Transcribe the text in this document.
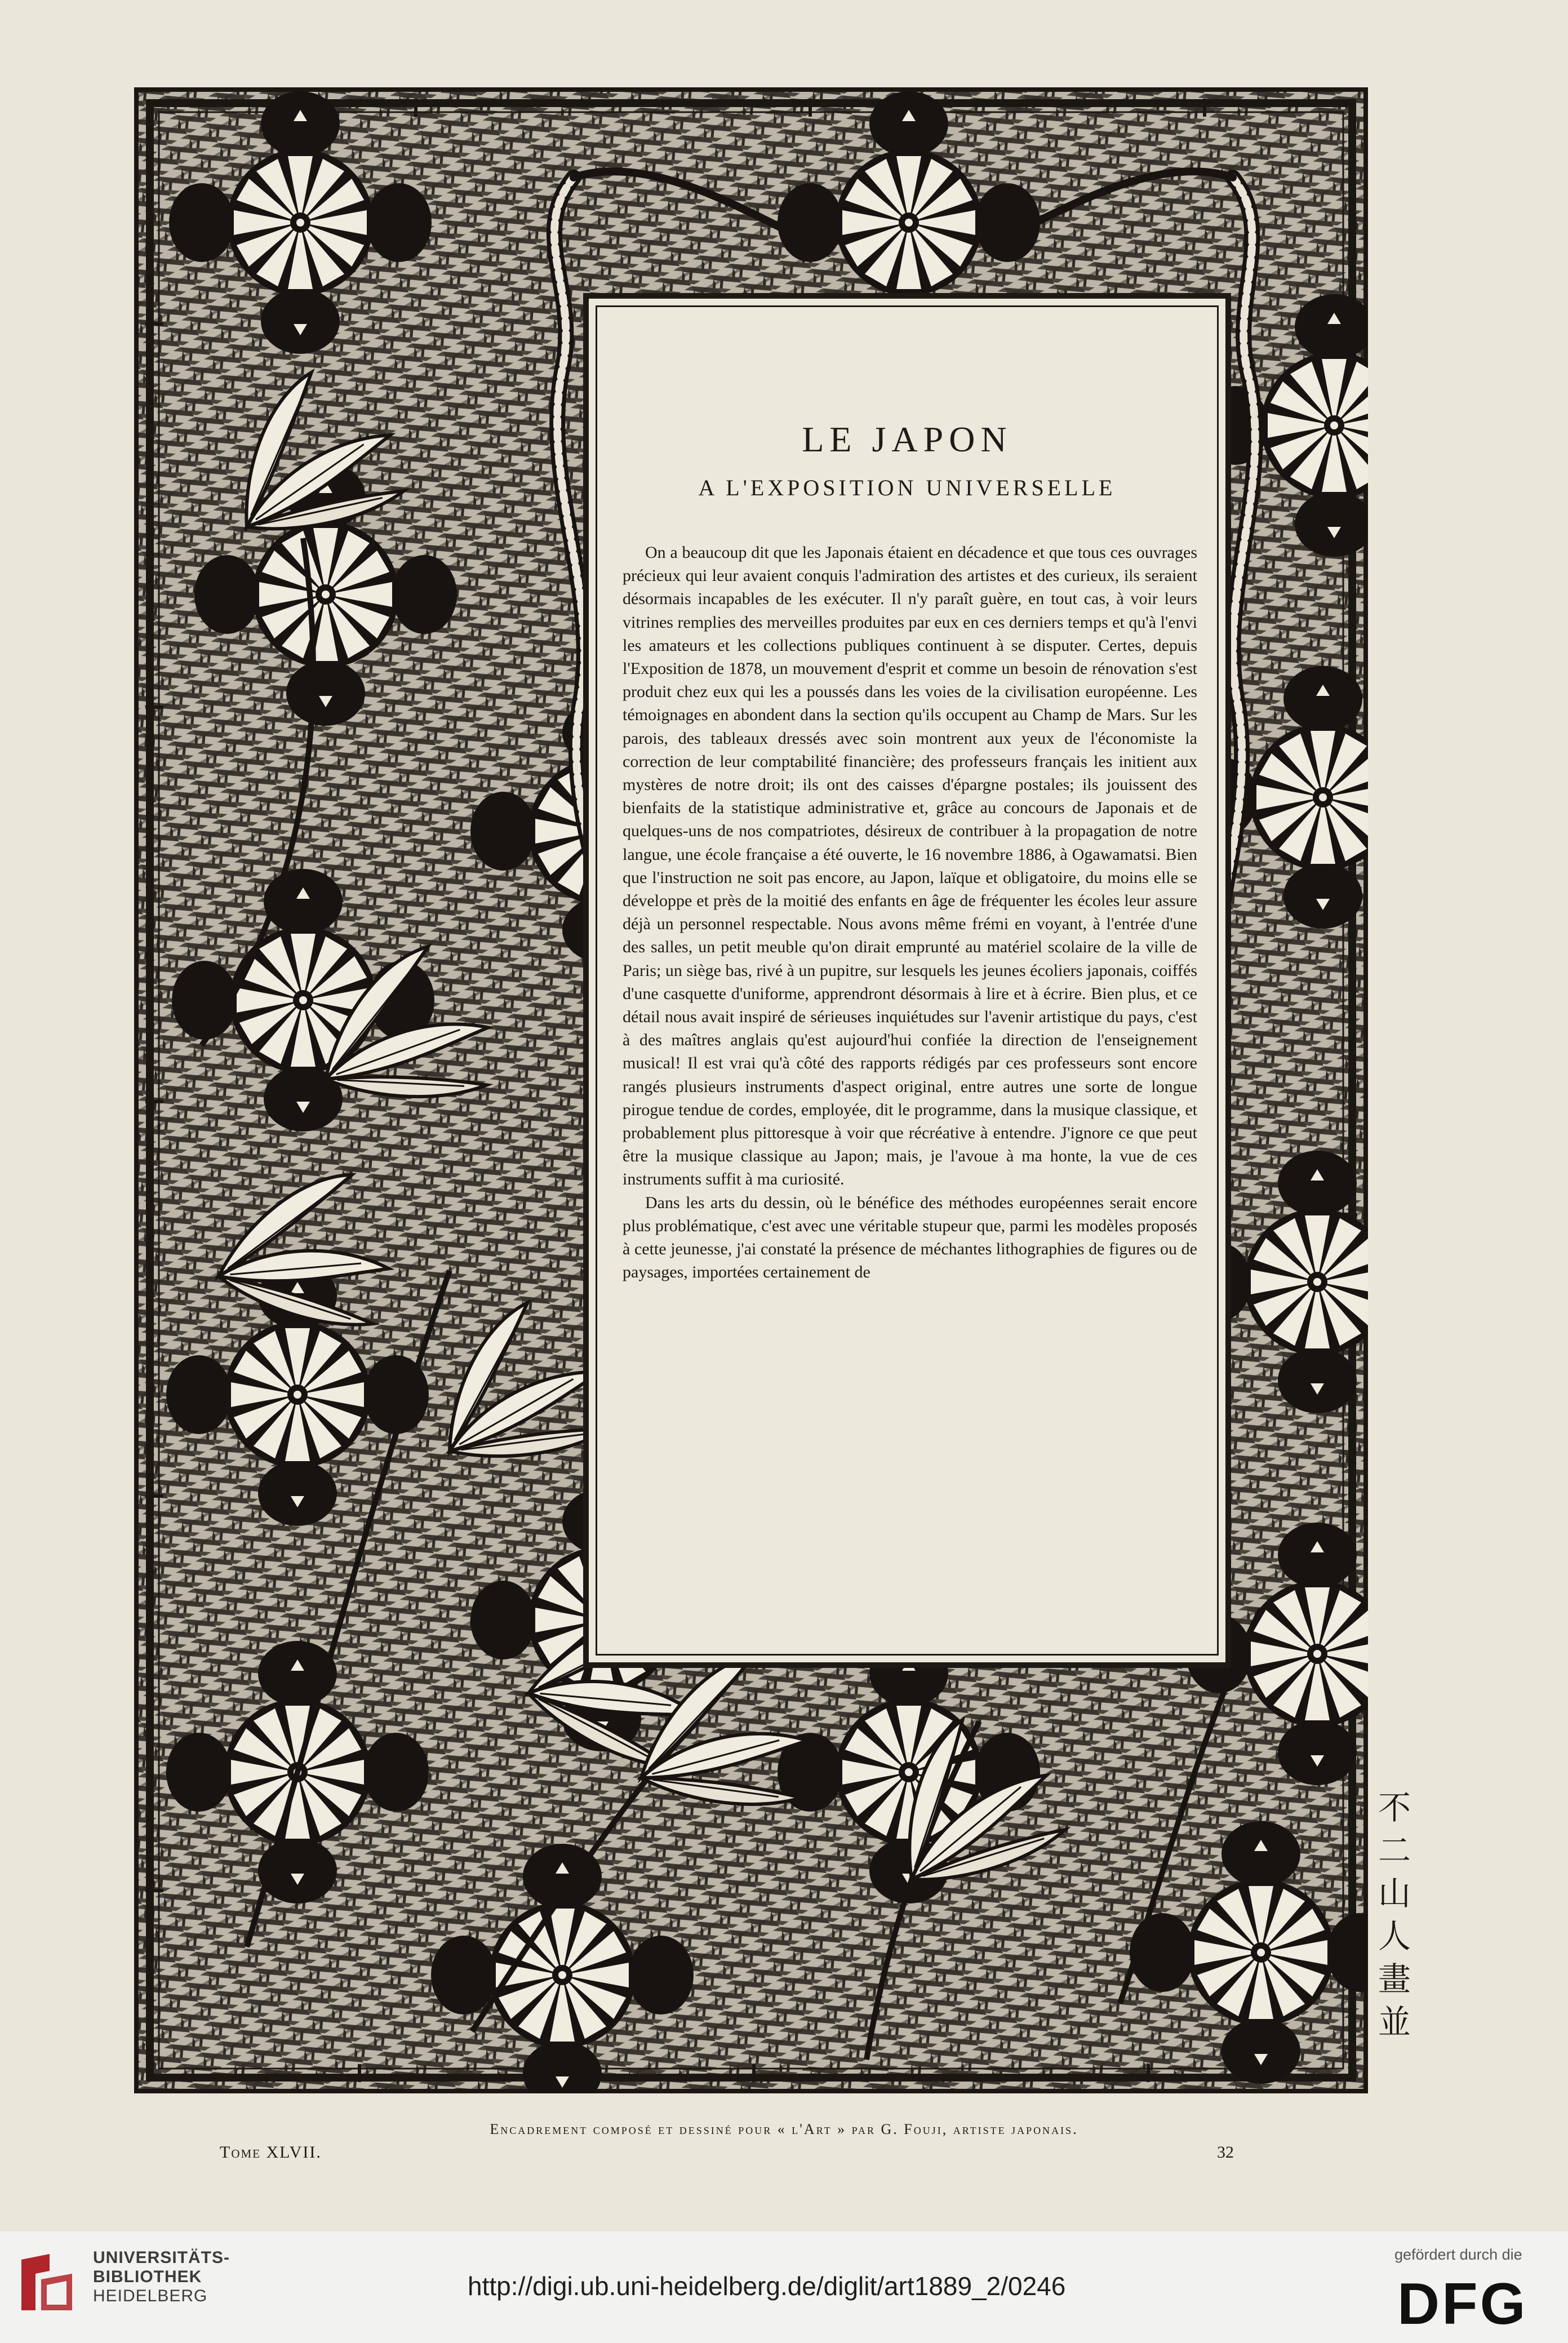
LE JAPON
A L'EXPOSITION UNIVERSELLE

On a beaucoup dit que les Japonais étaient en décadence et que tous ces ouvrages précieux qui leur avaient conquis l'admiration des artistes et des curieux, ils seraient désormais incapables de les exécuter. Il n'y paraît guère, en tout cas, à voir leurs vitrines remplies des merveilles produites par eux en ces derniers temps et qu'à l'envi les amateurs et les collections publiques continuent à se disputer. Certes, depuis l'Exposition de 1878, un mouvement d'esprit et comme un besoin de rénovation s'est produit chez eux qui les a poussés dans les voies de la civilisation européenne. Les témoignages en abondent dans la section qu'ils occupent au Champ de Mars. Sur les parois, des tableaux dressés avec soin montrent aux yeux de l'économiste la correction de leur comptabilité financière; des professeurs français les initient aux mystères de notre droit; ils ont des caisses d'épargne postales; ils jouissent des bienfaits de la statistique administrative et, grâce au concours de Japonais et de quelques-uns de nos compatriotes, désireux de contribuer à la propagation de notre langue, une école française a été ouverte, le 16 novembre 1886, à Ogawamatsi. Bien que l'instruction ne soit pas encore, au Japon, laïque et obligatoire, du moins elle se développe et près de la moitié des enfants en âge de fréquenter les écoles leur assure déjà un personnel respectable. Nous avons même frémi en voyant, à l'entrée d'une des salles, un petit meuble qu'on dirait emprunté au matériel scolaire de la ville de Paris; un siège bas, rivé à un pupitre, sur lesquels les jeunes écoliers japonais, coiffés d'une casquette d'uniforme, apprendront désormais à lire et à écrire. Bien plus, et ce détail nous avait inspiré de sérieuses inquiétudes sur l'avenir artistique du pays, c'est à des maîtres anglais qu'est aujourd'hui confiée la direction de l'enseignement musical! Il est vrai qu'à côté des rapports rédigés par ces professeurs sont encore rangés plusieurs instruments d'aspect original, entre autres une sorte de longue pirogue tendue de cordes, employée, dit le programme, dans la musique classique, et probablement plus pittoresque à voir que récréative à entendre. J'ignore ce que peut être la musique classique au Japon; mais, je l'avoue à ma honte, la vue de ces instruments suffit à ma curiosité.

Dans les arts du dessin, où le bénéfice des méthodes européennes serait encore plus problématique, c'est avec une véritable stupeur que, parmi les modèles proposés à cette jeunesse, j'ai constaté la présence de méchantes lithographies de figures ou de paysages, importées certainement de

不二山人畫並
Encadrement composé et dessiné pour « l'Art » par G. Fouji, artiste japonais.
Tome XLVII.	32
UNIVERSITÄTS-
BIBLIOTHEK
HEIDELBERG	http://digi.ub.uni-heidelberg.de/diglit/art1889_2/0246
gefördert durch die
DFG
